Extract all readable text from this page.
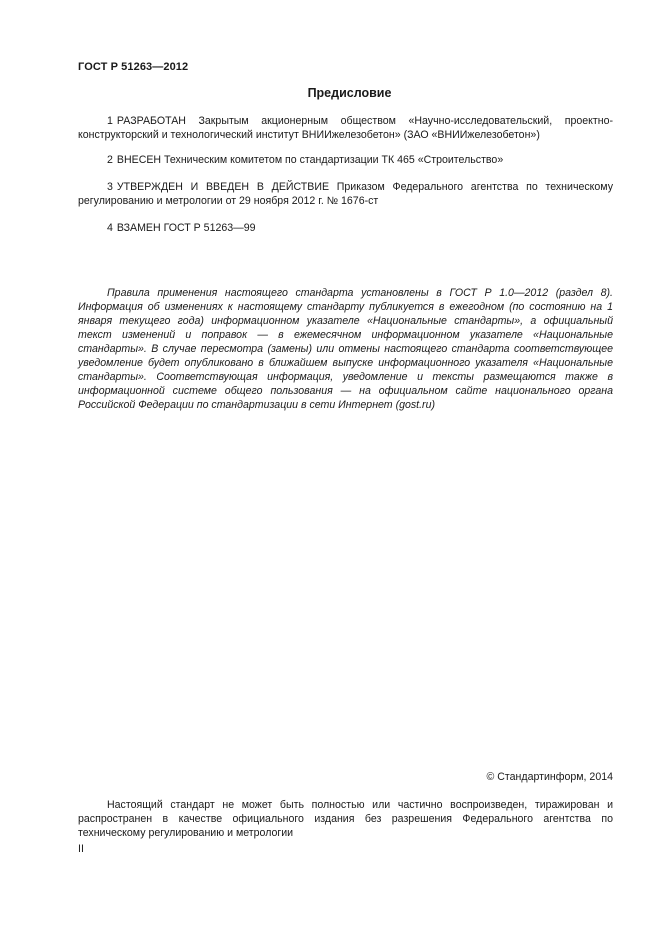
ГОСТ Р 51263—2012
Предисловие
1 РАЗРАБОТАН Закрытым акционерным обществом «Научно-исследовательский, проектно-конструкторский и технологический институт ВНИИжелезобетон» (ЗАО «ВНИИжелезобетон»)
2 ВНЕСЕН Техническим комитетом по стандартизации ТК 465 «Строительство»
3 УТВЕРЖДЕН И ВВЕДЕН В ДЕЙСТВИЕ Приказом Федерального агентства по техническому регулированию и метрологии от 29 ноября 2012 г. № 1676-ст
4 ВЗАМЕН ГОСТ Р 51263—99
Правила применения настоящего стандарта установлены в ГОСТ Р 1.0—2012 (раздел 8). Информация об изменениях к настоящему стандарту публикуется в ежегодном (по состоянию на 1 января текущего года) информационном указателе «Национальные стандарты», а официальный текст изменений и поправок — в ежемесячном информационном указателе «Национальные стандарты». В случае пересмотра (замены) или отмены настоящего стандарта соответствующее уведомление будет опубликовано в ближайшем выпуске информационного указателя «Национальные стандарты». Соответствующая информация, уведомление и тексты размещаются также в информационной системе общего пользования — на официальном сайте национального органа Российской Федерации по стандартизации в сети Интернет (gost.ru)
© Стандартинформ, 2014
Настоящий стандарт не может быть полностью или частично воспроизведен, тиражирован и распространен в качестве официального издания без разрешения Федерального агентства по техническому регулированию и метрологии
II
